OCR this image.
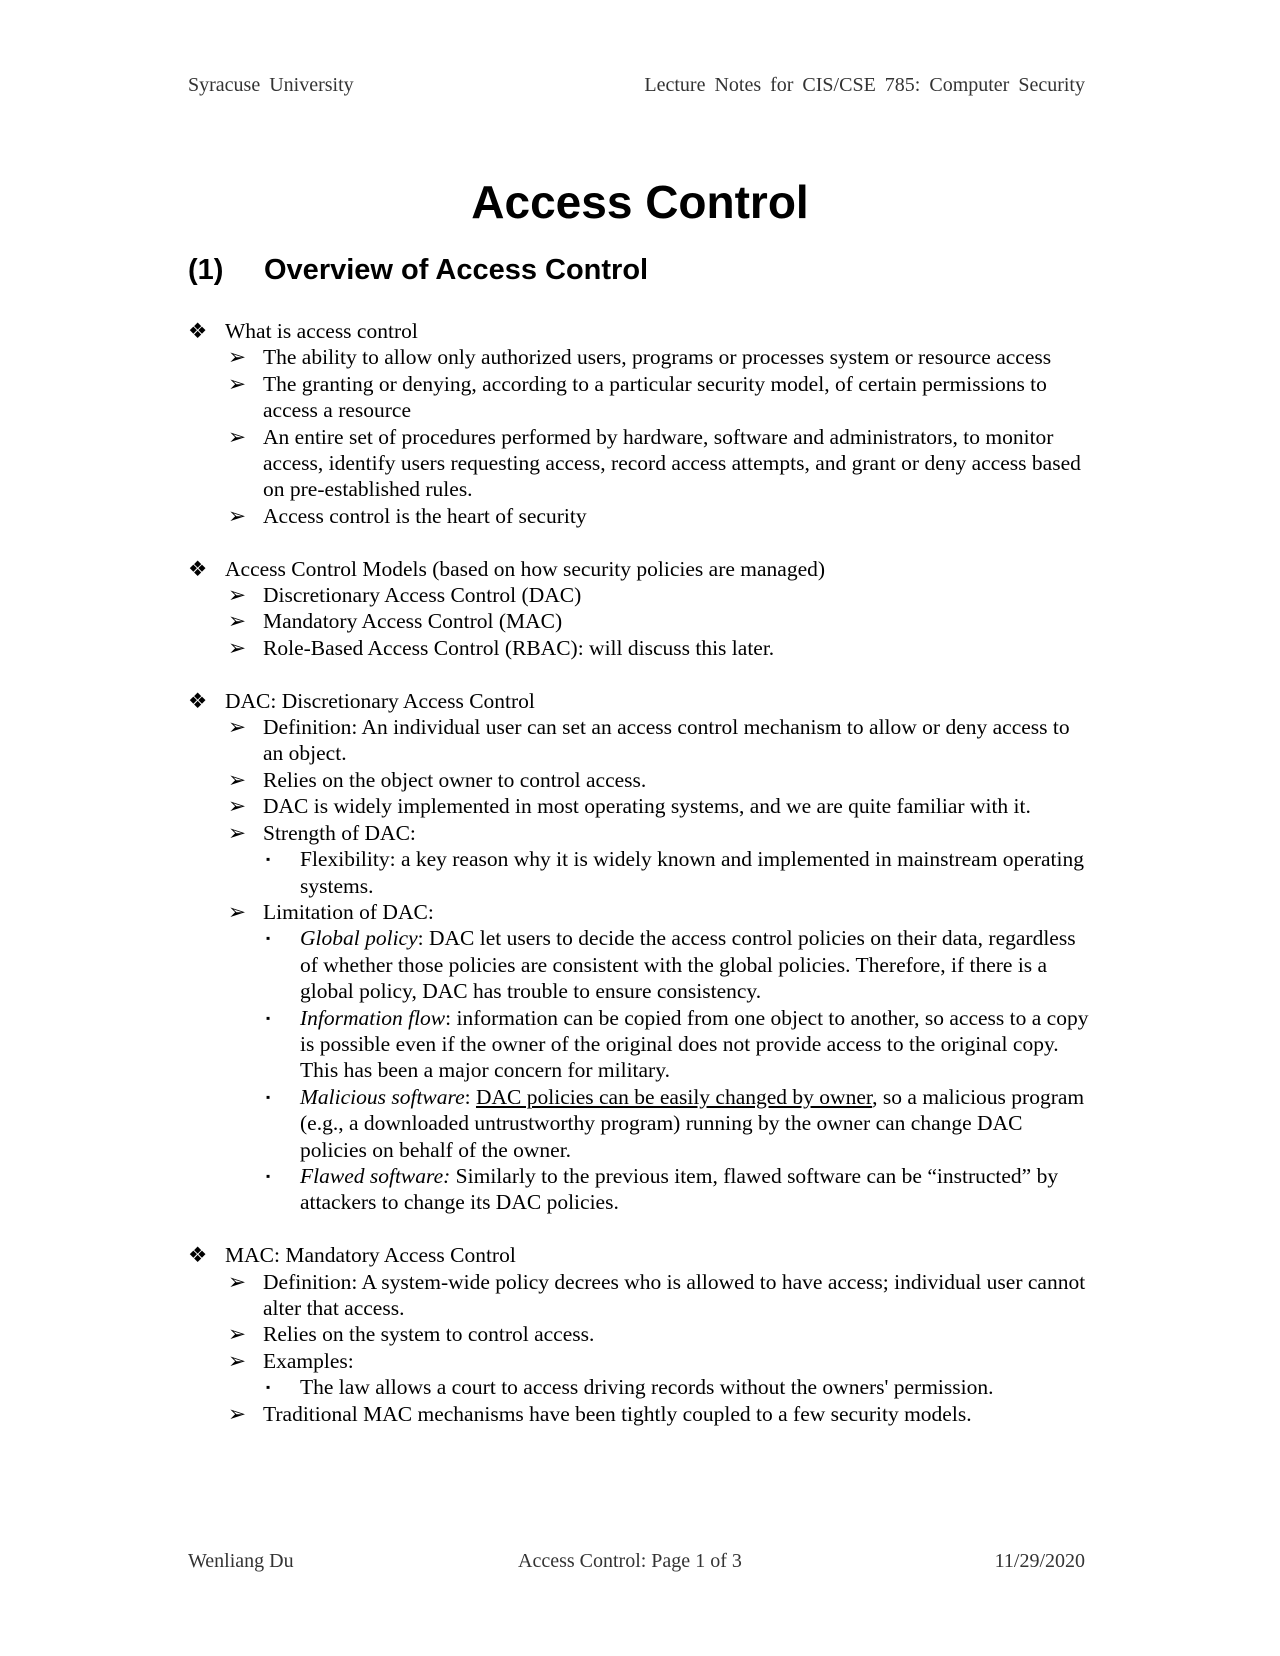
Syracuse University	Lecture Notes for CIS/CSE 785: Computer Security
Access Control
(1) Overview of Access Control
❖ What is access control
➢ The ability to allow only authorized users, programs or processes system or resource access
➢ The granting or denying, according to a particular security model, of certain permissions to access a resource
➢ An entire set of procedures performed by hardware, software and administrators, to monitor access, identify users requesting access, record access attempts, and grant or deny access based on pre-established rules.
➢ Access control is the heart of security
❖ Access Control Models (based on how security policies are managed)
➢ Discretionary Access Control (DAC)
➢ Mandatory Access Control (MAC)
➢ Role-Based Access Control (RBAC): will discuss this later.
❖ DAC: Discretionary Access Control
➢ Definition: An individual user can set an access control mechanism to allow or deny access to an object.
➢ Relies on the object owner to control access.
➢ DAC is widely implemented in most operating systems, and we are quite familiar with it.
➢ Strength of DAC:
▪	Flexibility: a key reason why it is widely known and implemented in mainstream operating systems.
➢ Limitation of DAC:
▪	Global policy: DAC let users to decide the access control policies on their data, regardless of whether those policies are consistent with the global policies. Therefore, if there is a global policy, DAC has trouble to ensure consistency.
▪	Information flow: information can be copied from one object to another, so access to a copy is possible even if the owner of the original does not provide access to the original copy. This has been a major concern for military.
▪	Malicious software: DAC policies can be easily changed by owner, so a malicious program (e.g., a downloaded untrustworthy program) running by the owner can change DAC policies on behalf of the owner.
▪	Flawed software: Similarly to the previous item, flawed software can be “instructed” by attackers to change its DAC policies.
❖ MAC: Mandatory Access Control
➢ Definition: A system-wide policy decrees who is allowed to have access; individual user cannot alter that access.
➢ Relies on the system to control access.
➢ Examples:
▪	The law allows a court to access driving records without the owners' permission.
➢ Traditional MAC mechanisms have been tightly coupled to a few security models.
Wenliang Du	Access Control: Page 1 of 3	11/29/2020
